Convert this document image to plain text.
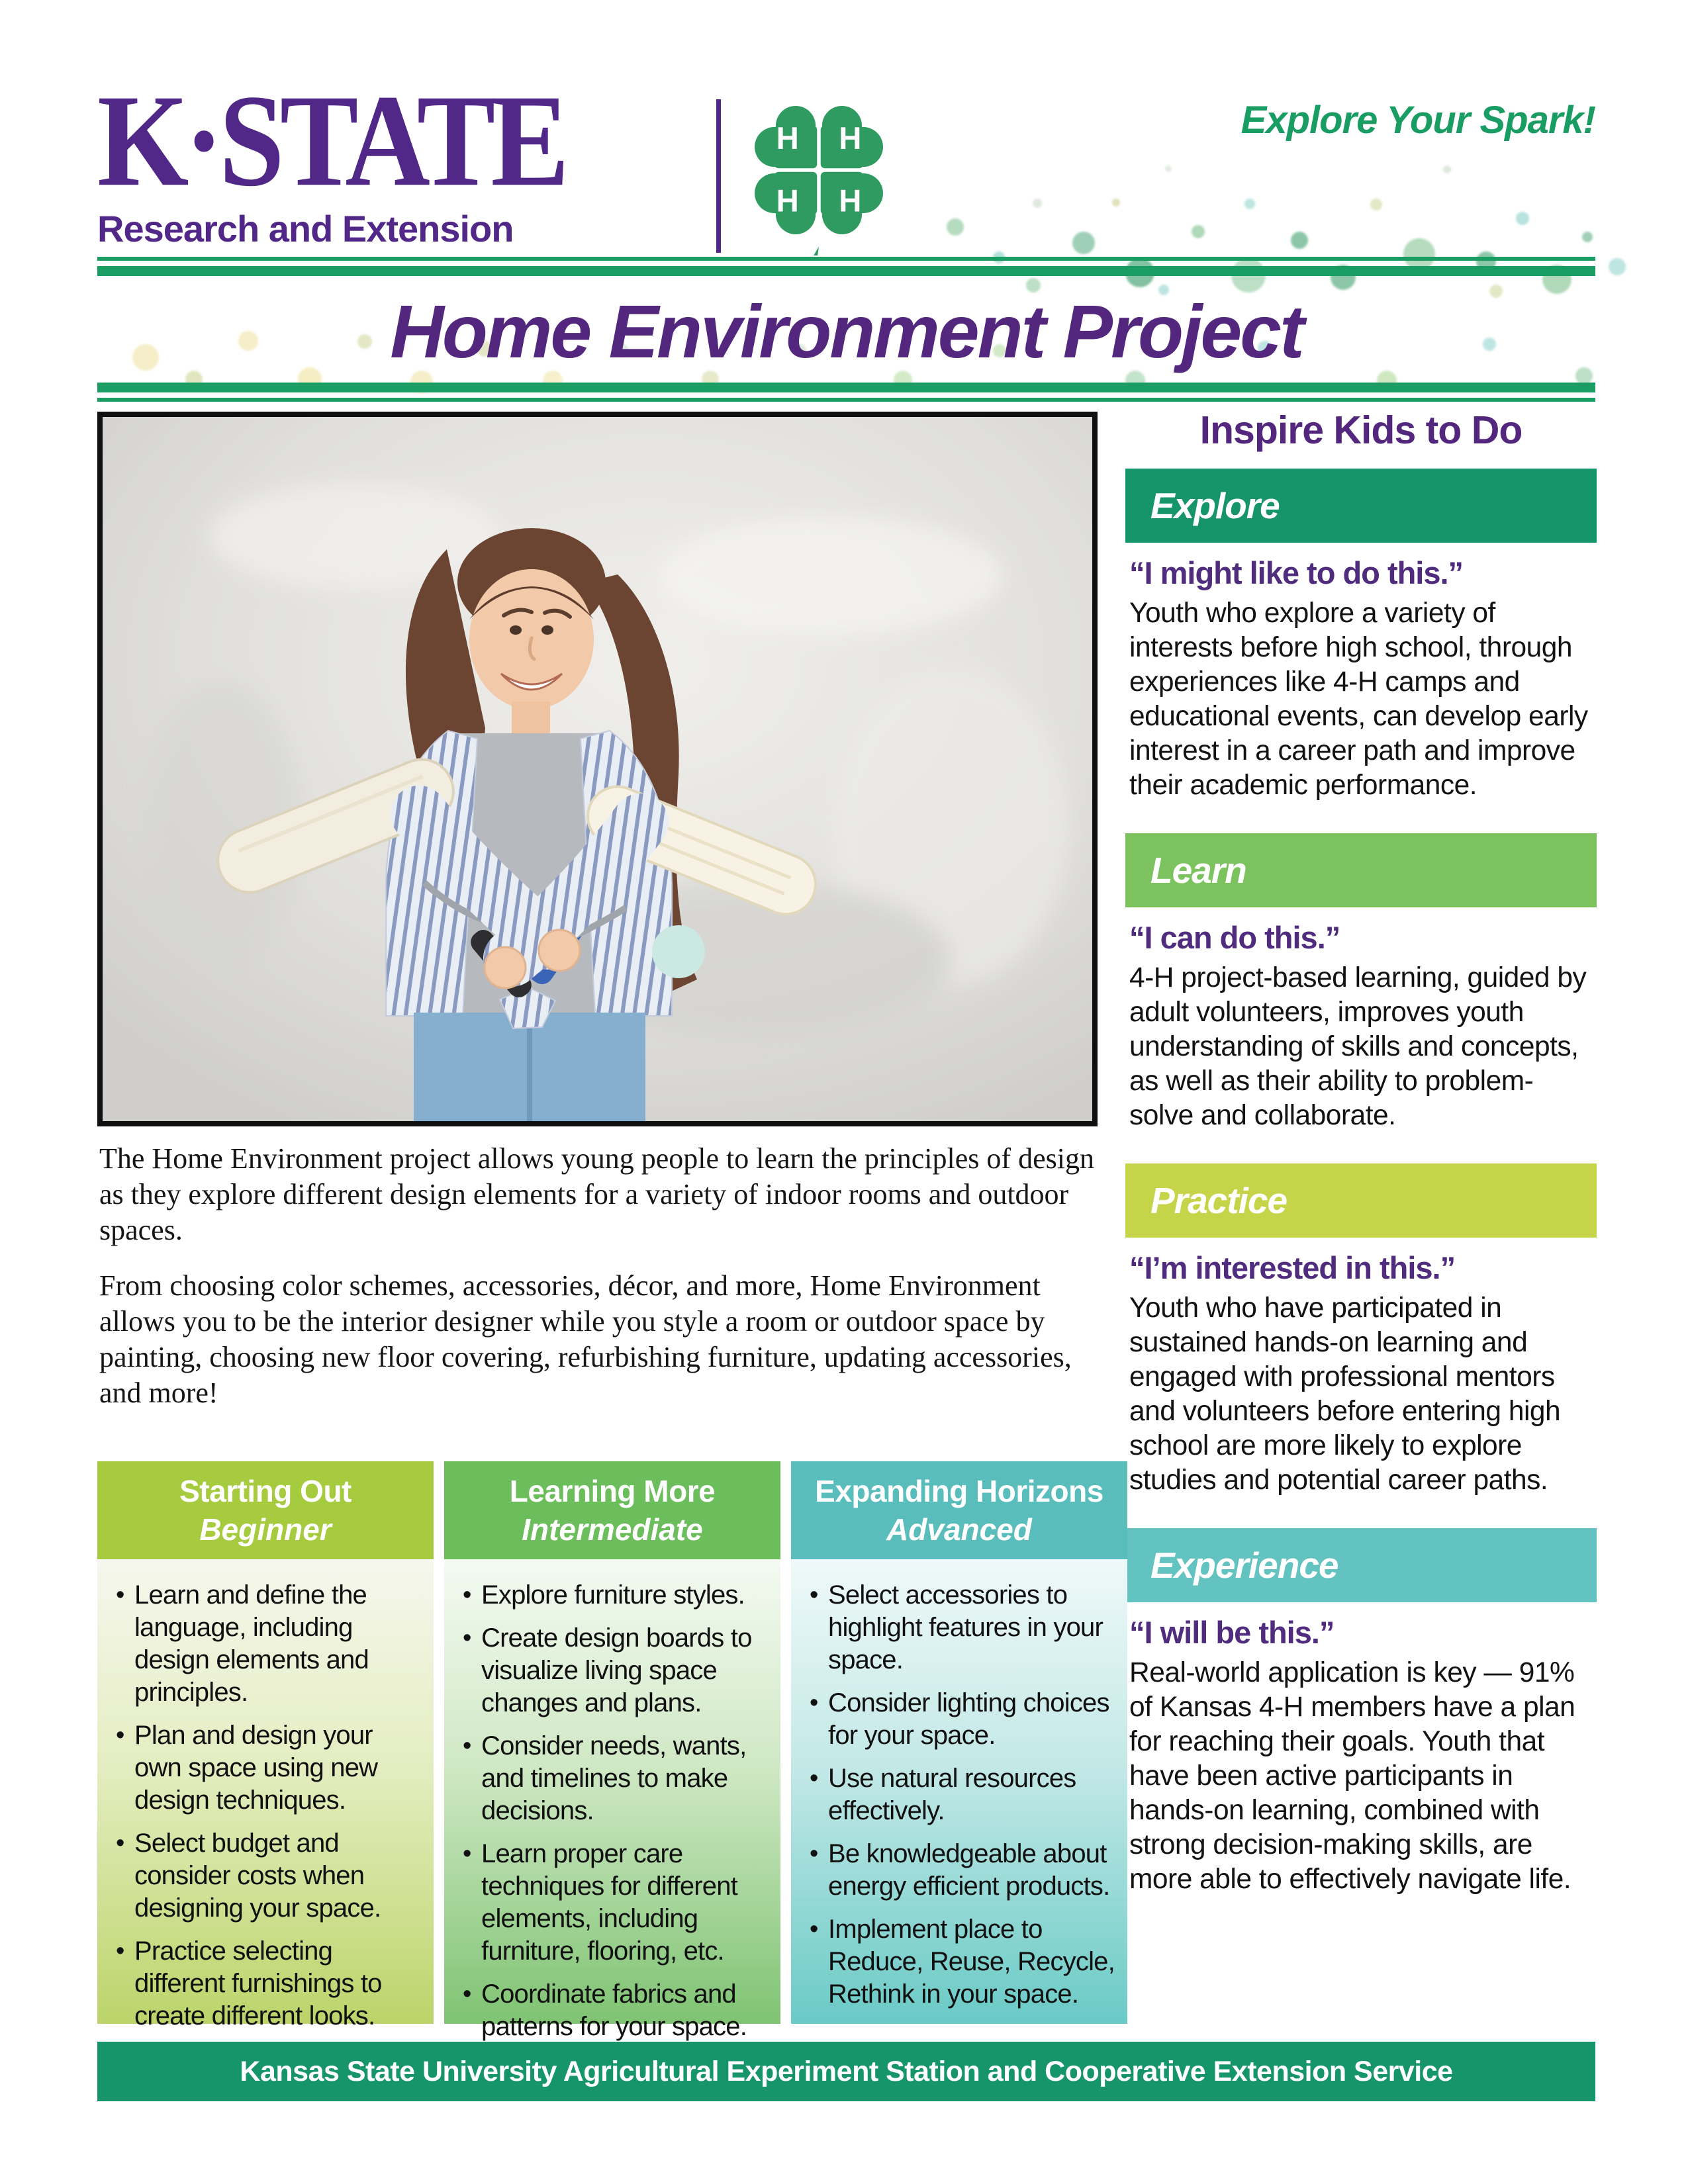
K·STATE
Research and Extension
H H
H H
Explore Your Spark!
Home Environment Project
Inspire Kids to Do
Explore
“I might like to do this.”
Youth who explore a variety of interests before high school, through experiences like 4-H camps and educational events, can develop early interest in a career path and improve their academic performance.
Learn
“I can do this.”
4-H project-based learning, guided by adult volunteers, improves youth understanding of skills and concepts, as well as their ability to problem-solve and collaborate.
Practice
“I’m interested in this.”
Youth who have participated in sustained hands-on learning and engaged with professional mentors and volunteers before entering high school are more likely to explore studies and potential career paths.
Experience
“I will be this.”
Real-world application is key — 91% of Kansas 4-H members have a plan for reaching their goals. Youth that have been active participants in hands-on learning, combined with strong decision-making skills, are more able to effectively navigate life.

The Home Environment project allows young people to learn the principles of design as they explore different design elements for a variety of indoor rooms and outdoor spaces.

From choosing color schemes, accessories, décor, and more, Home Environment allows you to be the interior designer while you style a room or outdoor space by painting, choosing new floor covering, refurbishing furniture, updating accessories, and more!

Starting Out
Beginner
• Learn and define the language, including design elements and principles.
• Plan and design your own space using new design techniques.
• Select budget and consider costs when designing your space.
• Practice selecting different furnishings to create different looks.
Learning More
Intermediate
• Explore furniture styles.
• Create design boards to visualize living space changes and plans.
• Consider needs, wants, and timelines to make decisions.
• Learn proper care techniques for different elements, including furniture, flooring, etc.
• Coordinate fabrics and patterns for your space.
Expanding Horizons
Advanced
• Select accessories to highlight features in your space.
• Consider lighting choices for your space.
• Use natural resources effectively.
• Be knowledgeable about energy efficient products.
• Implement place to Reduce, Reuse, Recycle, Rethink in your space.
Kansas State University Agricultural Experiment Station and Cooperative Extension Service
